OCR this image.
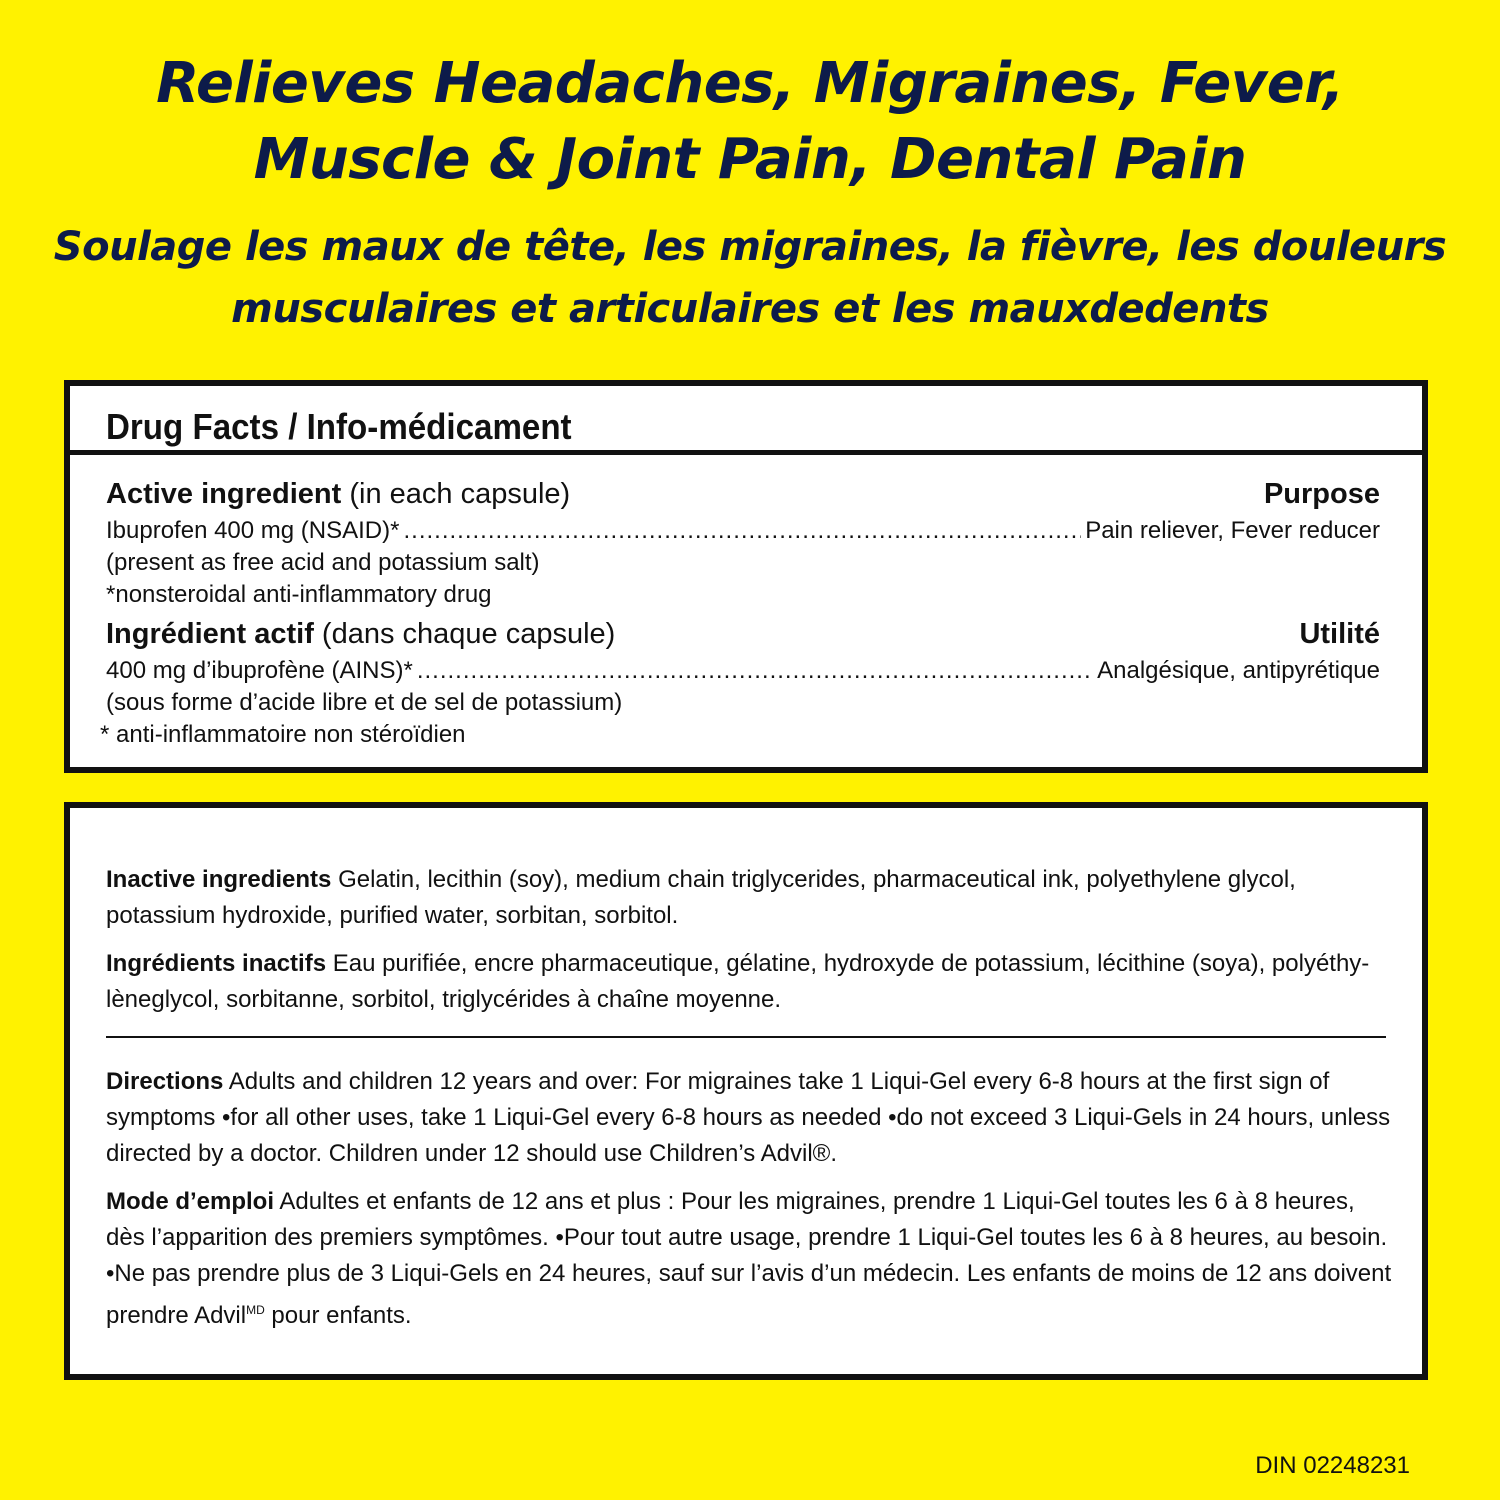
Relieves Headaches, Migraines, Fever,
Muscle & Joint Pain, Dental Pain
Soulage les maux de tête, les migraines, la fièvre, les douleurs
musculaires et articulaires et les mauxdedents
Drug Facts / Info-médicament
Active ingredient (in each capsule)	Purpose
Ibuprofen 400 mg (NSAID)* .....	Pain reliever, Fever reducer
(present as free acid and potassium salt)
*nonsteroidal anti-inflammatory drug
Ingrédient actif (dans chaque capsule)	Utilité
400 mg d’ibuprofène (AINS)* .....	Analgésique, antipyrétique
(sous forme d’acide libre et de sel de potassium)
* anti-inflammatoire non stéroïdien
Inactive ingredients Gelatin, lecithin (soy), medium chain triglycerides, pharmaceutical ink, polyethylene glycol, potassium hydroxide, purified water, sorbitan, sorbitol.
Ingrédients inactifs Eau purifiée, encre pharmaceutique, gélatine, hydroxyde de potassium, lécithine (soya), polyéthy-lèneglycol, sorbitanne, sorbitol, triglycérides à chaîne moyenne.
Directions Adults and children 12 years and over: For migraines take 1 Liqui-Gel every 6-8 hours at the first sign of symptoms •for all other uses, take 1 Liqui-Gel every 6-8 hours as needed •do not exceed 3 Liqui-Gels in 24 hours, unless directed by a doctor. Children under 12 should use Children’s Advil®.
Mode d’emploi Adultes et enfants de 12 ans et plus : Pour les migraines, prendre 1 Liqui-Gel toutes les 6 à 8 heures, dès l’apparition des premiers symptômes. •Pour tout autre usage, prendre 1 Liqui-Gel toutes les 6 à 8 heures, au besoin. •Ne pas prendre plus de 3 Liqui-Gels en 24 heures, sauf sur l’avis d’un médecin. Les enfants de moins de 12 ans doivent prendre Advil$^{MD}$ pour enfants.
DIN 02248231
